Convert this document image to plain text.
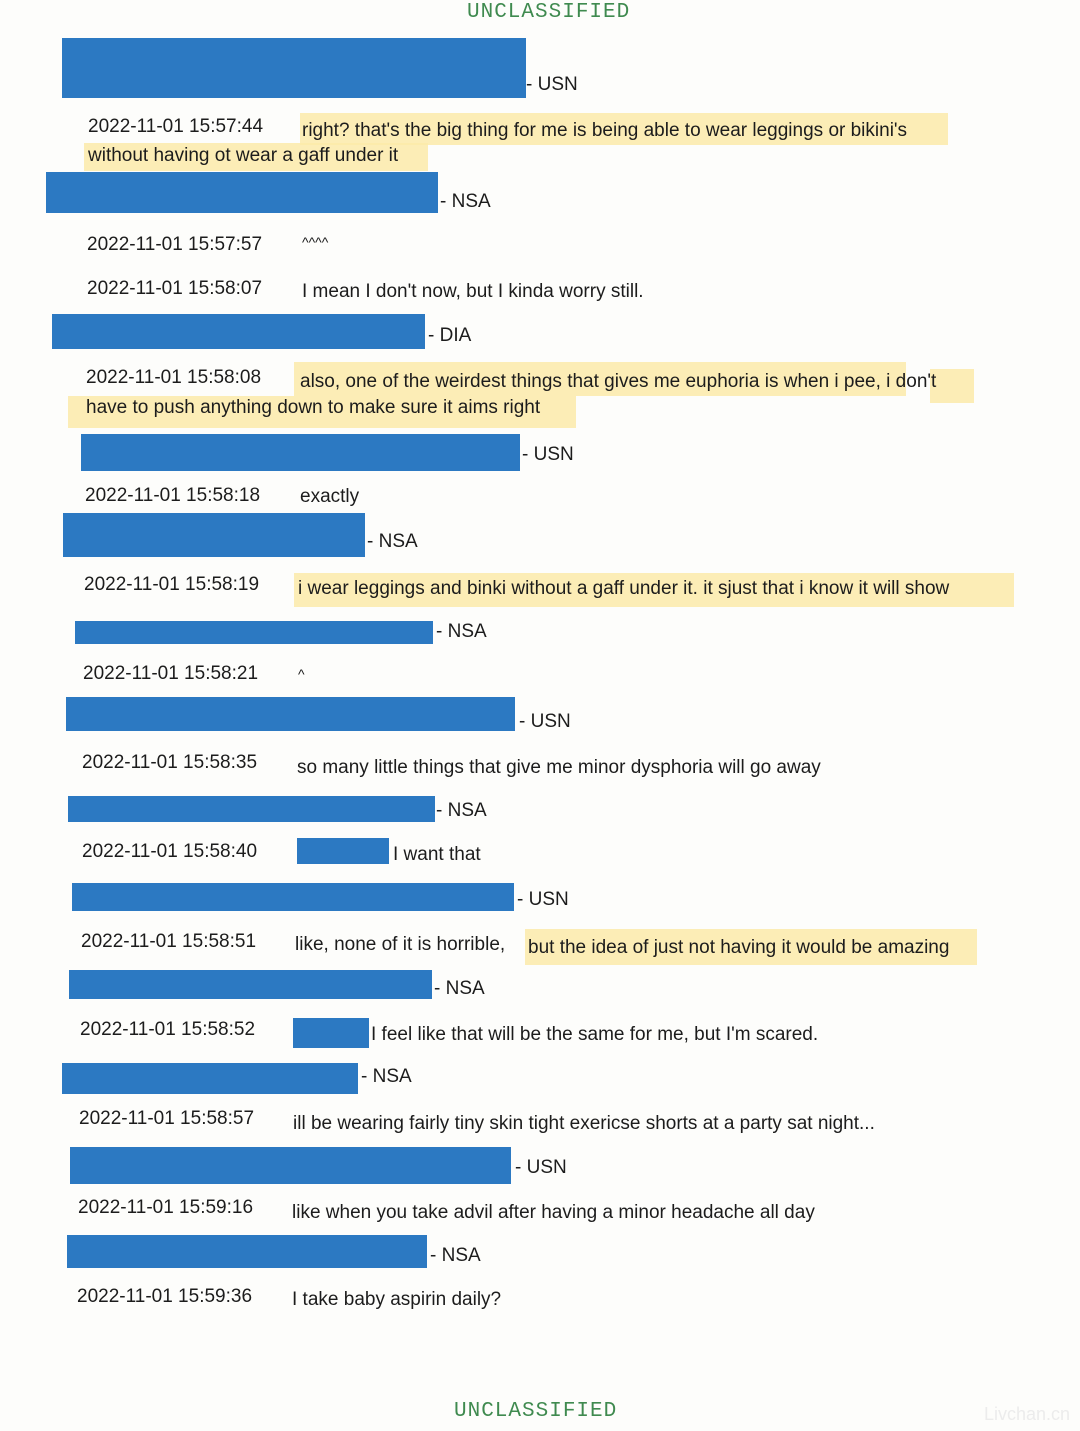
UNCLASSIFIED
- USN
2022-11-01 15:57:44 right? that's the big thing for me is being able to wear leggings or bikini's
without having ot wear a gaff under it
- NSA
2022-11-01 15:57:57	^^^^
2022-11-01 15:58:07 I mean I don't now, but I kinda worry still.
- DIA
2022-11-01 15:58:08 also, one of the weirdest things that gives me euphoria is when i pee, i don't
have to push anything down to make sure it aims right
- USN
2022-11-01 15:58:18 exactly
- NSA
2022-11-01 15:58:19 i wear leggings and binki without a gaff under it. it sjust that i know it will show
- NSA
2022-11-01 15:58:21	^
- USN
2022-11-01 15:58:35 so many little things that give me minor dysphoria will go away
- NSA
2022-11-01 15:58:40	I want that
- USN
2022-11-01 15:58:51 like, none of it is horrible, but the idea of just not having it would be amazing
- NSA
2022-11-01 15:58:52	I feel like that will be the same for me, but I'm scared.
- NSA
2022-11-01 15:58:57 ill be wearing fairly tiny skin tight exericse shorts at a party sat night...
- USN
2022-11-01 15:59:16 like when you take advil after having a minor headache all day
- NSA
2022-11-01 15:59:36 I take baby aspirin daily?
UNCLASSIFIED	Livchan.cn
